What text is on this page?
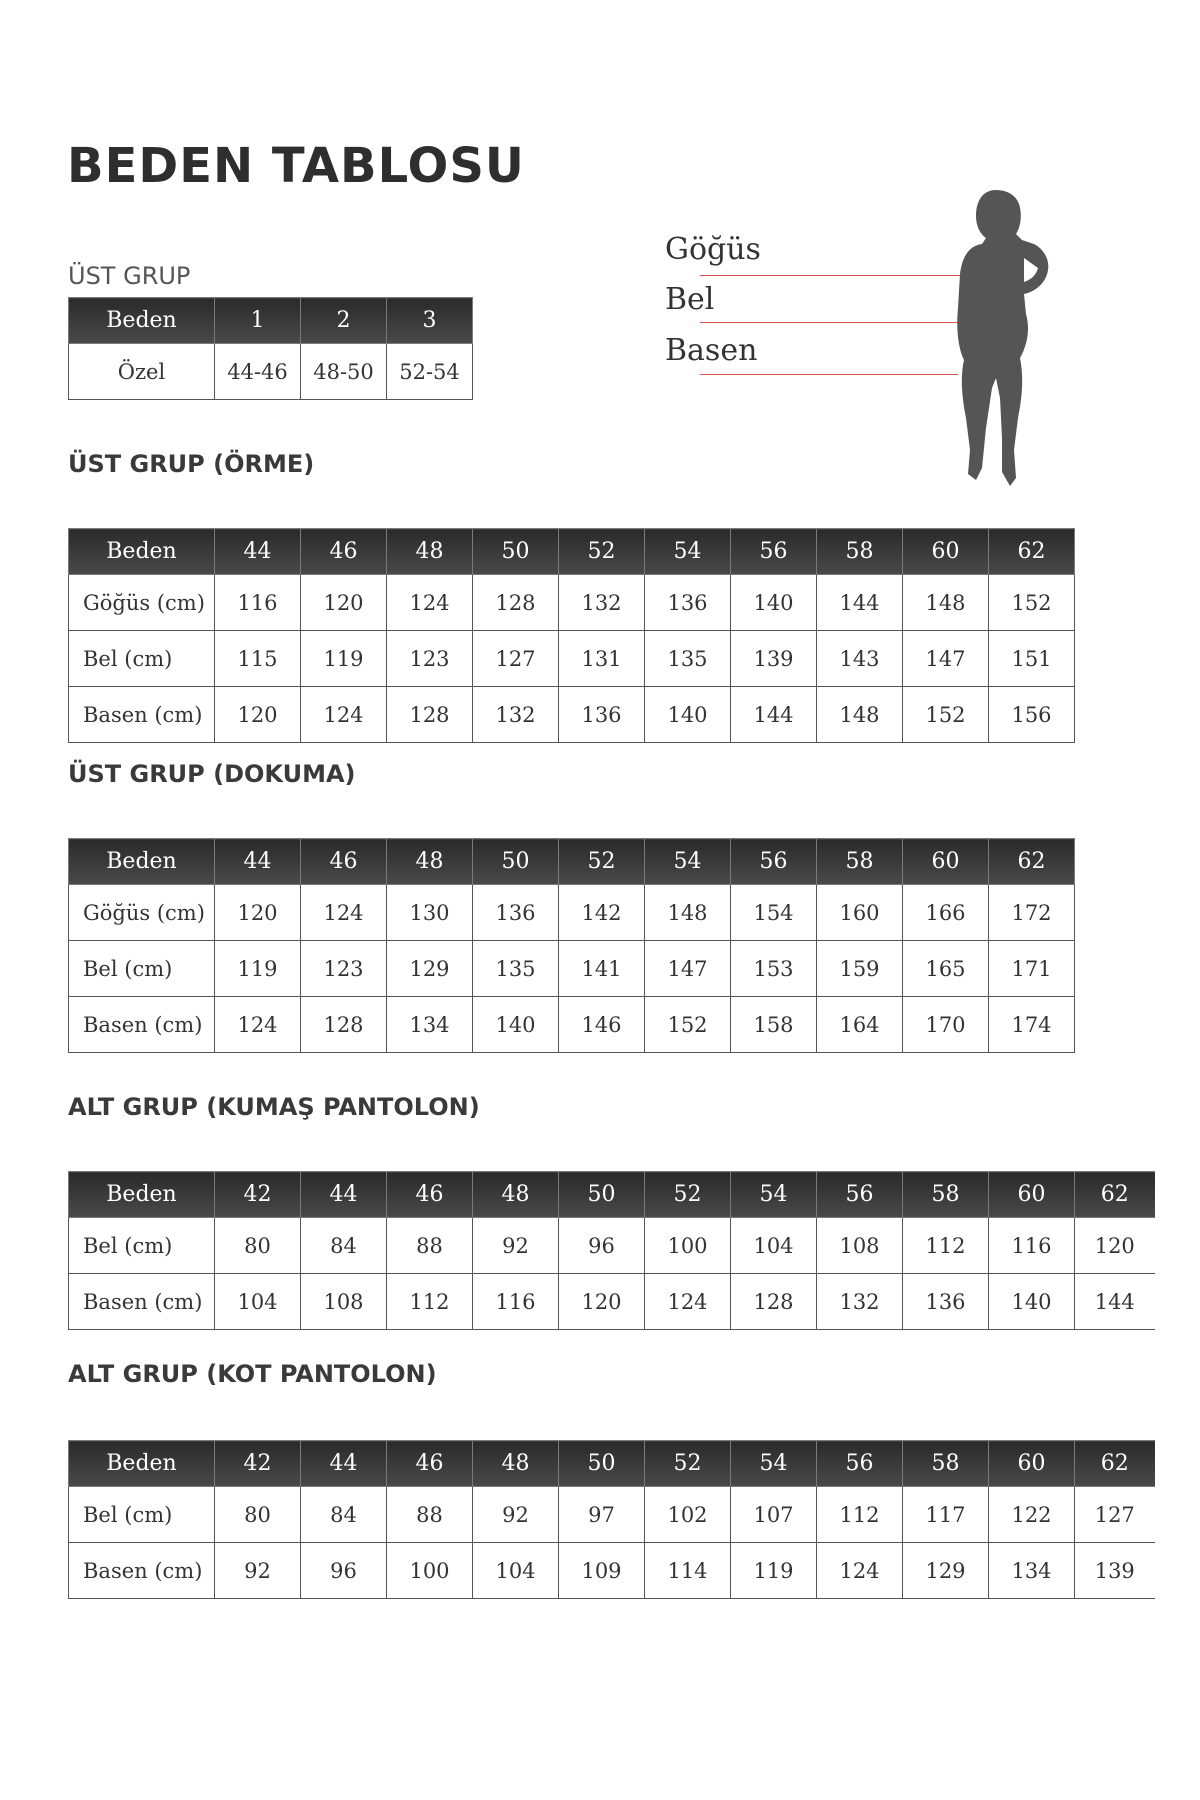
BEDEN TABLOSU

Göğüs

Bel

Basen

ÜST GRUP

Beden	1	2	3
Özel	44-46	48-50	52-54

ÜST GRUP (ÖRME)

Beden	44	46	48	50	52	54	56	58	60	62
Göğüs (cm)	116	120	124	128	132	136	140	144	148	152
Bel (cm)	115	119	123	127	131	135	139	143	147	151
Basen (cm)	120	124	128	132	136	140	144	148	152	156

ÜST GRUP (DOKUMA)

Beden	44	46	48	50	52	54	56	58	60	62
Göğüs (cm)	120	124	130	136	142	148	154	160	166	172
Bel (cm)	119	123	129	135	141	147	153	159	165	171
Basen (cm)	124	128	134	140	146	152	158	164	170	174

ALT GRUP (KUMAŞ PANTOLON)

Beden	42	44	46	48	50	52	54	56	58	60	62
Bel (cm)	80	84	88	92	96	100	104	108	112	116	120
Basen (cm)	104	108	112	116	120	124	128	132	136	140	144

ALT GRUP (KOT PANTOLON)

Beden	42	44	46	48	50	52	54	56	58	60	62
Bel (cm)	80	84	88	92	97	102	107	112	117	122	127
Basen (cm)	92	96	100	104	109	114	119	124	129	134	139
